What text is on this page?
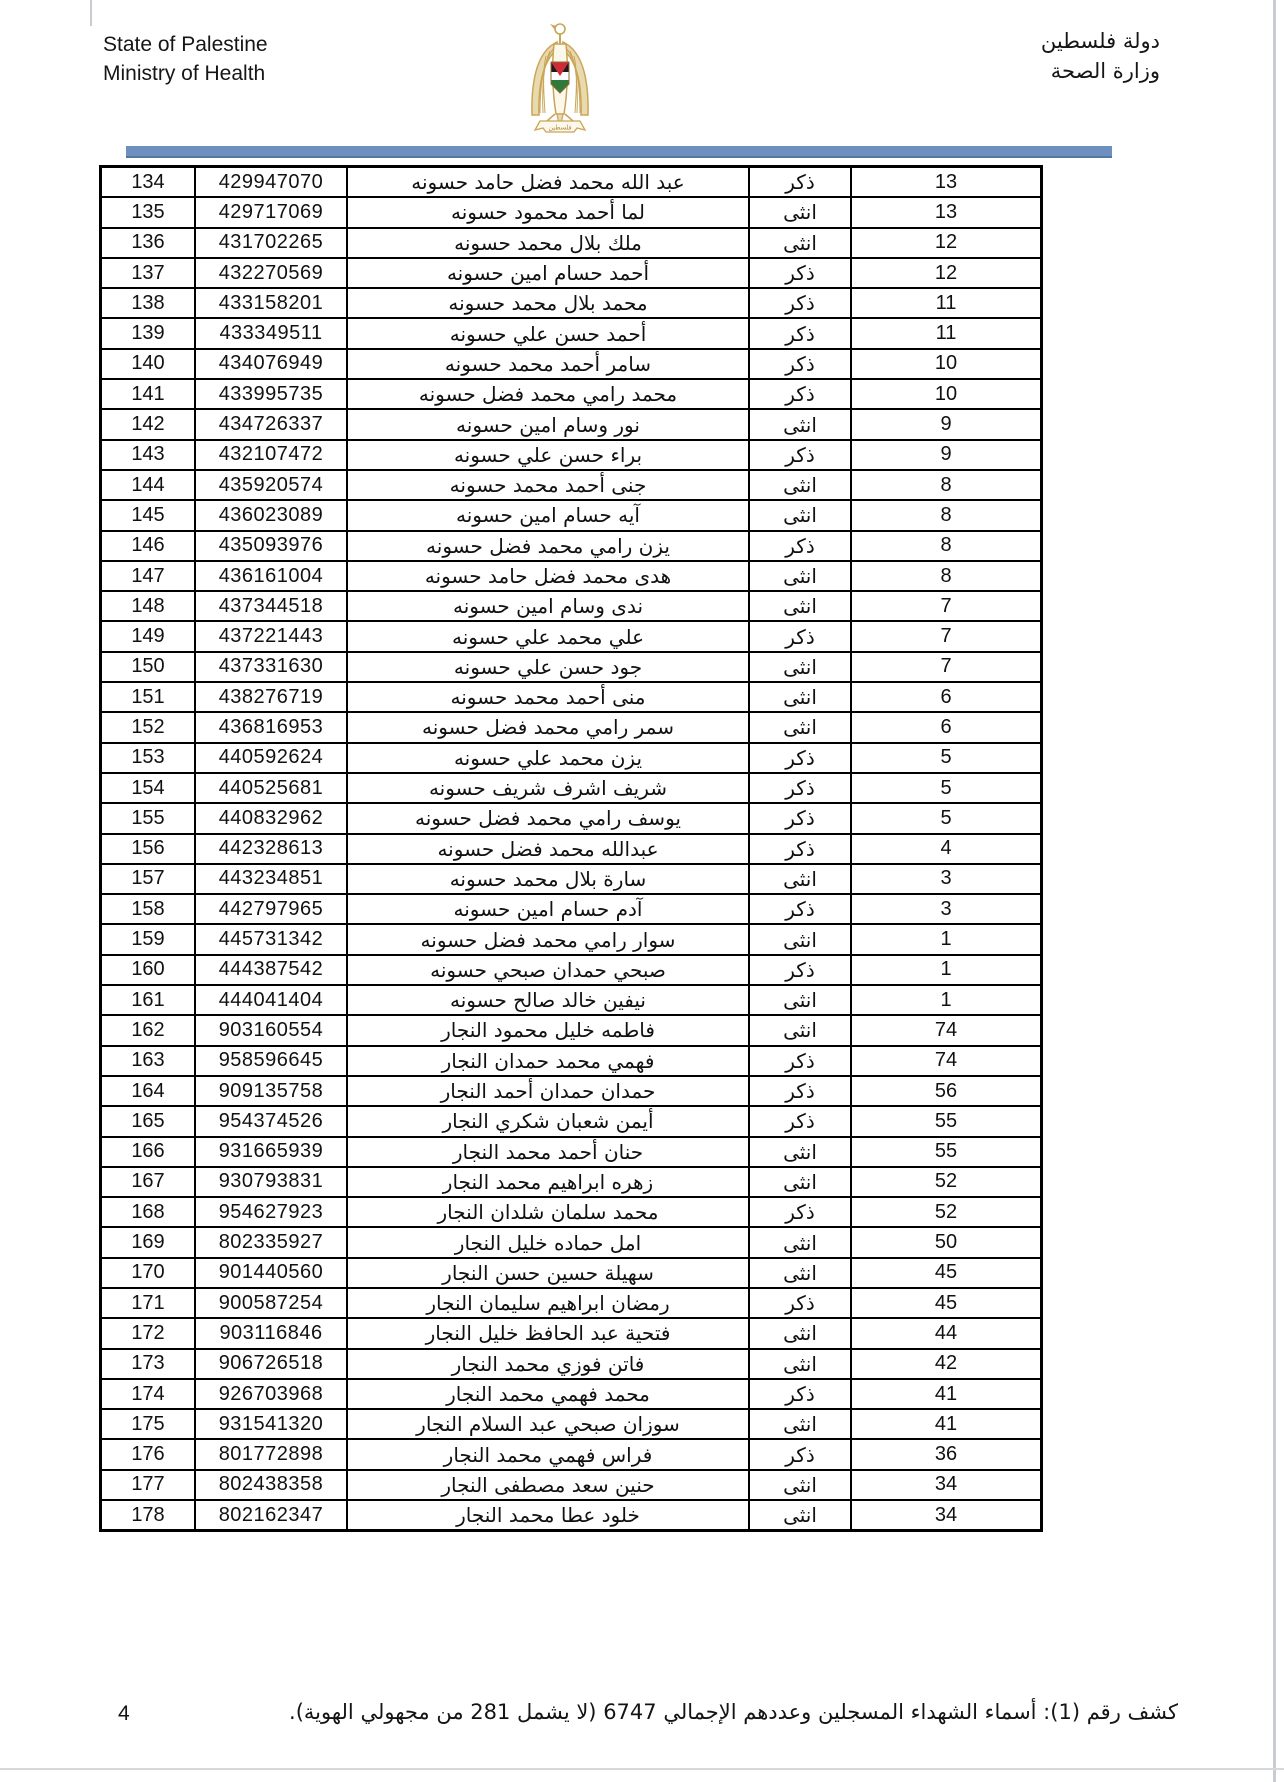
State of Palestine
Ministry of Health
فلسطين
دولة فلسطين
وزارة الصحة
134	429947070	عبد الله محمد فضل حامد حسونه	ذكر	13
135	429717069	لما أحمد محمود حسونه	انثى	13
136	431702265	ملك بلال محمد حسونه	انثى	12
137	432270569	أحمد حسام امين حسونه	ذكر	12
138	433158201	محمد بلال محمد حسونه	ذكر	11
139	433349511	أحمد حسن علي حسونه	ذكر	11
140	434076949	سامر أحمد محمد حسونه	ذكر	10
141	433995735	محمد رامي محمد فضل حسونه	ذكر	10
142	434726337	نور وسام امين حسونه	انثى	9
143	432107472	براء حسن علي حسونه	ذكر	9
144	435920574	جنى أحمد محمد حسونه	انثى	8
145	436023089	آيه حسام امين حسونه	انثى	8
146	435093976	يزن رامي محمد فضل حسونه	ذكر	8
147	436161004	هدى محمد فضل حامد حسونه	انثى	8
148	437344518	ندى وسام امين حسونه	انثى	7
149	437221443	علي محمد علي حسونه	ذكر	7
150	437331630	جود حسن علي حسونه	انثى	7
151	438276719	منى أحمد محمد حسونه	انثى	6
152	436816953	سمر رامي محمد فضل حسونه	انثى	6
153	440592624	يزن محمد علي حسونه	ذكر	5
154	440525681	شريف اشرف شريف حسونه	ذكر	5
155	440832962	يوسف رامي محمد فضل حسونه	ذكر	5
156	442328613	عبدالله محمد فضل حسونه	ذكر	4
157	443234851	سارة بلال محمد حسونه	انثى	3
158	442797965	آدم حسام امين حسونه	ذكر	3
159	445731342	سوار رامي محمد فضل حسونه	انثى	1
160	444387542	صبحي حمدان صبحي حسونه	ذكر	1
161	444041404	نيفين خالد صالح حسونه	انثى	1
162	903160554	فاطمه خليل محمود النجار	انثى	74
163	958596645	فهمي محمد حمدان النجار	ذكر	74
164	909135758	حمدان حمدان أحمد النجار	ذكر	56
165	954374526	أيمن شعبان شكري النجار	ذكر	55
166	931665939	حنان أحمد محمد النجار	انثى	55
167	930793831	زهره ابراهيم محمد النجار	انثى	52
168	954627923	محمد سلمان شلدان النجار	ذكر	52
169	802335927	امل حماده خليل النجار	انثى	50
170	901440560	سهيلة حسين حسن النجار	انثى	45
171	900587254	رمضان ابراهيم سليمان النجار	ذكر	45
172	903116846	فتحية عبد الحافظ خليل النجار	انثى	44
173	906726518	فاتن فوزي محمد النجار	انثى	42
174	926703968	محمد فهمي محمد النجار	ذكر	41
175	931541320	سوزان صبحي عبد السلام النجار	انثى	41
176	801772898	فراس فهمي محمد النجار	ذكر	36
177	802438358	حنين سعد مصطفى النجار	انثى	34
178	802162347	خلود عطا محمد النجار	انثى	34
كشف رقم (1): أسماء الشهداء المسجلين وعددهم الإجمالي 6747 (لا يشمل 281 من مجهولي الهوية).
4
